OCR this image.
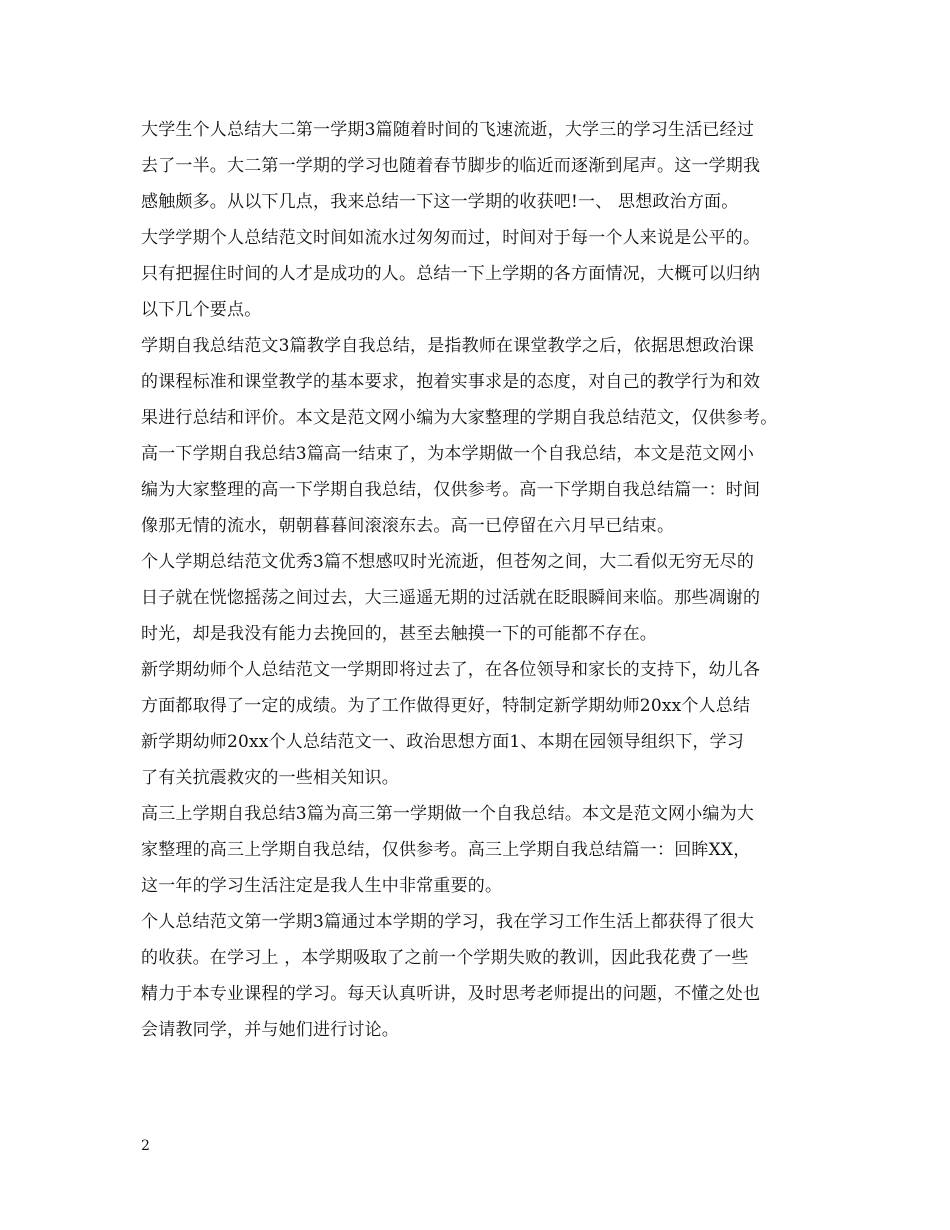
大学生个人总结大二第一学期3篇随着时间的飞速流逝，大学三的学习生活已经过
去了一半。大二第一学期的学习也随着春节脚步的临近而逐渐到尾声。这一学期我
感触颇多。从以下几点，我来总结一下这一学期的收获吧!一、 思想政治方面。
大学学期个人总结范文时间如流水过匆匆而过，时间对于每一个人来说是公平的。
只有把握住时间的人才是成功的人。总结一下上学期的各方面情况，大概可以归纳
以下几个要点。
学期自我总结范文3篇教学自我总结，是指教师在课堂教学之后，依据思想政治课
的课程标准和课堂教学的基本要求，抱着实事求是的态度，对自己的教学行为和效
果进行总结和评价。本文是范文网小编为大家整理的学期自我总结范文，仅供参考。
高一下学期自我总结3篇高一结束了，为本学期做一个自我总结，本文是范文网小
编为大家整理的高一下学期自我总结，仅供参考。高一下学期自我总结篇一：时间
像那无情的流水，朝朝暮暮间滚滚东去。高一已停留在六月早已结束。
个人学期总结范文优秀3篇不想感叹时光流逝，但苍匆之间，大二看似无穷无尽的
日子就在恍惚摇荡之间过去，大三遥遥无期的过活就在眨眼瞬间来临。那些凋谢的
时光，却是我没有能力去挽回的，甚至去触摸一下的可能都不存在。
新学期幼师个人总结范文一学期即将过去了，在各位领导和家长的支持下，幼儿各
方面都取得了一定的成绩。为了工作做得更好，特制定新学期幼师20xx个人总结
新学期幼师20xx个人总结范文一、政治思想方面1、本期在园领导组织下，学习
了有关抗震救灾的一些相关知识。
高三上学期自我总结3篇为高三第一学期做一个自我总结。本文是范文网小编为大
家整理的高三上学期自我总结，仅供参考。高三上学期自我总结篇一：回眸XX，
这一年的学习生活注定是我人生中非常重要的。
个人总结范文第一学期3篇通过本学期的学习，我在学习工作生活上都获得了很大
的收获。在学习上 ，本学期吸取了之前一个学期失败的教训，因此我花费了一些
精力于本专业课程的学习。每天认真听讲，及时思考老师提出的问题，不懂之处也
会请教同学，并与她们进行讨论。
2
